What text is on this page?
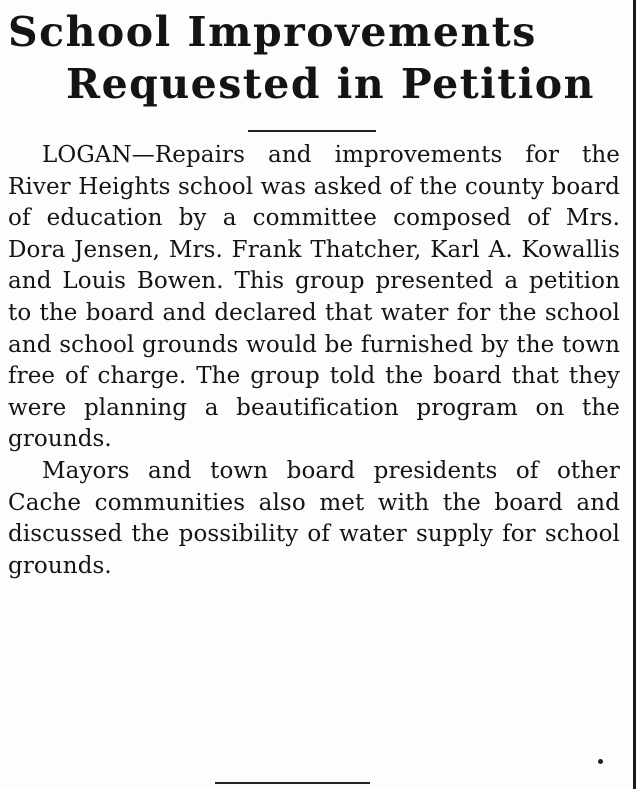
School Improvements
Requested in Petition

LOGAN—Repairs and improvements for the River Heights school was asked of the county board of education by a committee composed of Mrs. Dora Jensen, Mrs. Frank Thatcher, Karl A. Kowallis and Louis Bowen. This group presented a petition to the board and declared that water for the school and school grounds would be furnished by the town free of charge. The group told the board that they were planning a beautification program on the grounds.

Mayors and town board presidents of other Cache communities also met with the board and discussed the possibility of water supply for school grounds.
